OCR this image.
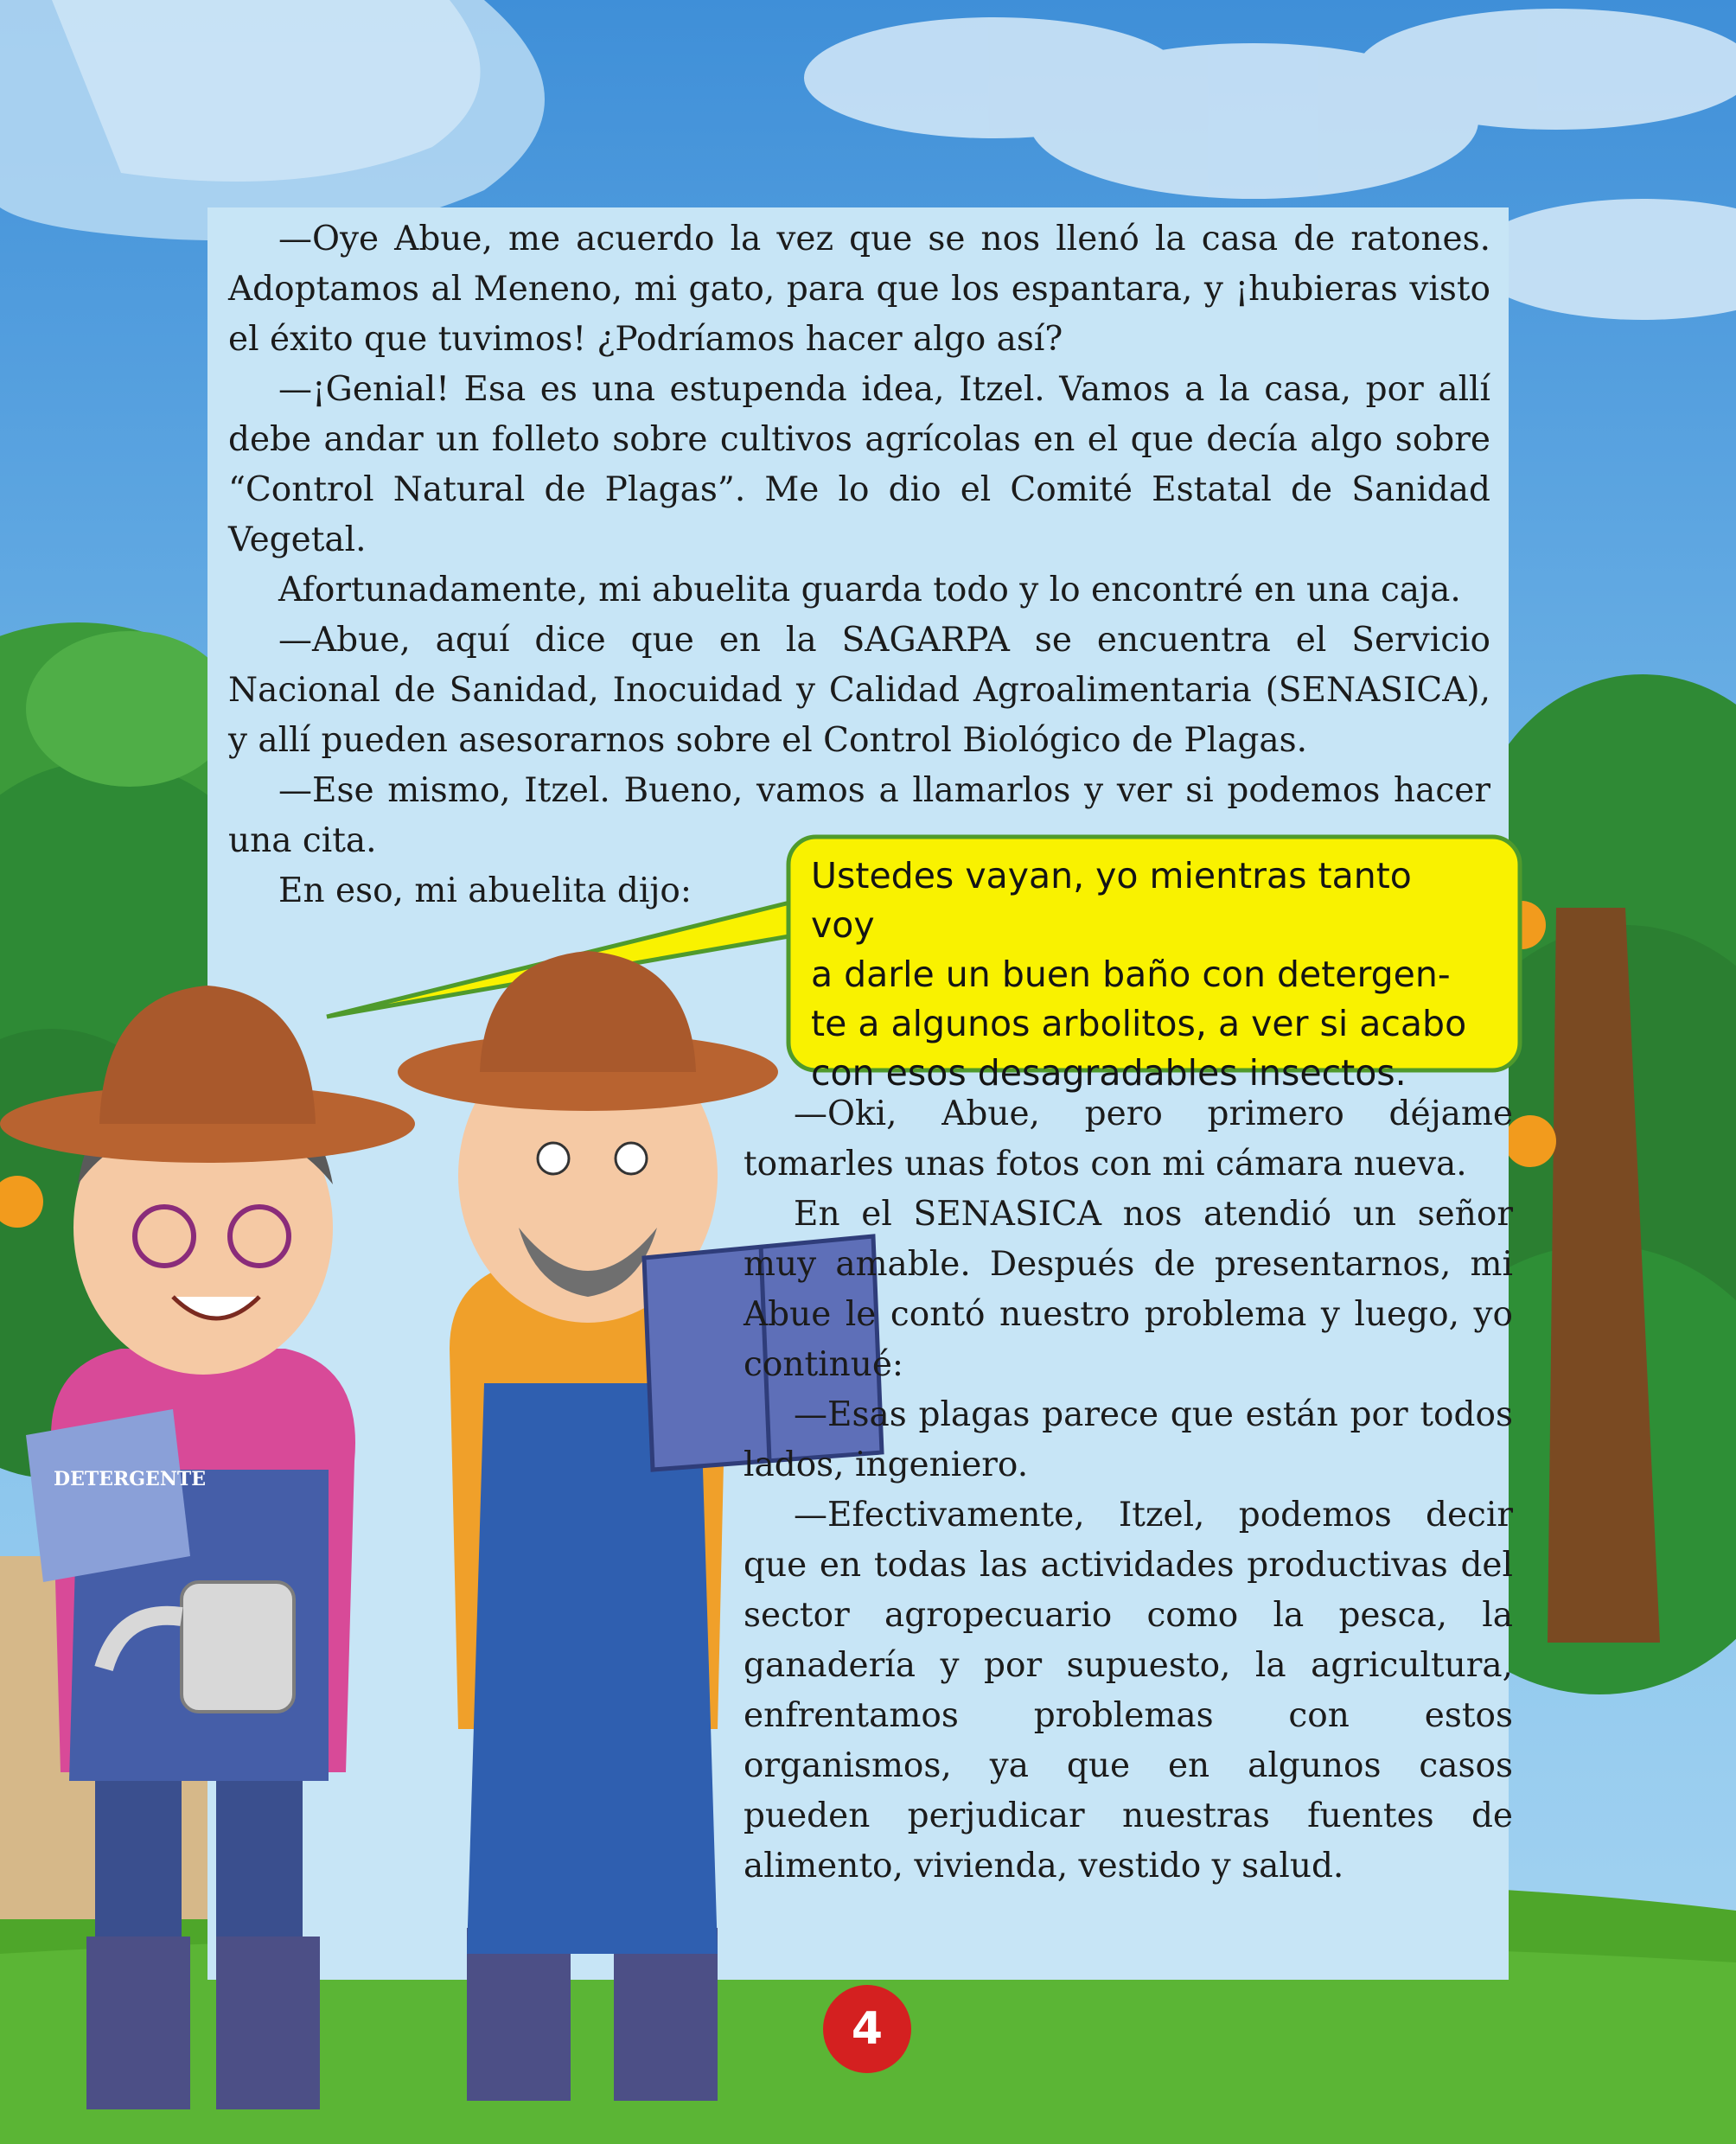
DETERGENTE

—Oye Abue, me acuerdo la vez que se nos llenó la casa de ratones. Adoptamos al Meneno, mi gato, para que los espantara, y ¡hubieras visto el éxito que tuvimos! ¿Podríamos hacer algo así?

—¡Genial! Esa es una estupenda idea, Itzel. Vamos a la casa, por allí debe andar un folleto sobre cultivos agrícolas en el que decía algo sobre “Control Natural de Plagas”. Me lo dio el Comité Estatal de Sanidad Vegetal.

Afortunadamente, mi abuelita guarda todo y lo encontré en una caja.

—Abue, aquí dice que en la SAGARPA se encuentra el Servicio Nacional de Sanidad, Inocuidad y Calidad Agroalimentaria (SENASICA), y allí pueden asesorarnos sobre el Control Biológico de Plagas.

—Ese mismo, Itzel. Bueno, vamos a llamarlos y ver si podemos hacer una cita.

En eso, mi abuelita dijo:	Ustedes vayan, yo mientras tanto voy

a darle un buen baño con detergen-

te a algunos arbolitos, a ver si acabo

con esos desagradables insectos.

—Oki, Abue, pero primero déjame tomarles unas fotos con mi cámara nueva.

En el SENASICA nos atendió un señor muy amable. Después de presentarnos, mi Abue le contó nuestro problema y luego, yo continué:

—Esas plagas parece que están por todos lados, ingeniero.

—Efectivamente, Itzel, podemos decir que en todas las actividades productivas del sector agropecuario como la pesca, la ganadería y por supuesto, la agricultura, enfrentamos problemas con estos organismos, ya que en algunos casos pueden perjudicar nuestras fuentes de alimento, vivienda, vestido y salud.

4
